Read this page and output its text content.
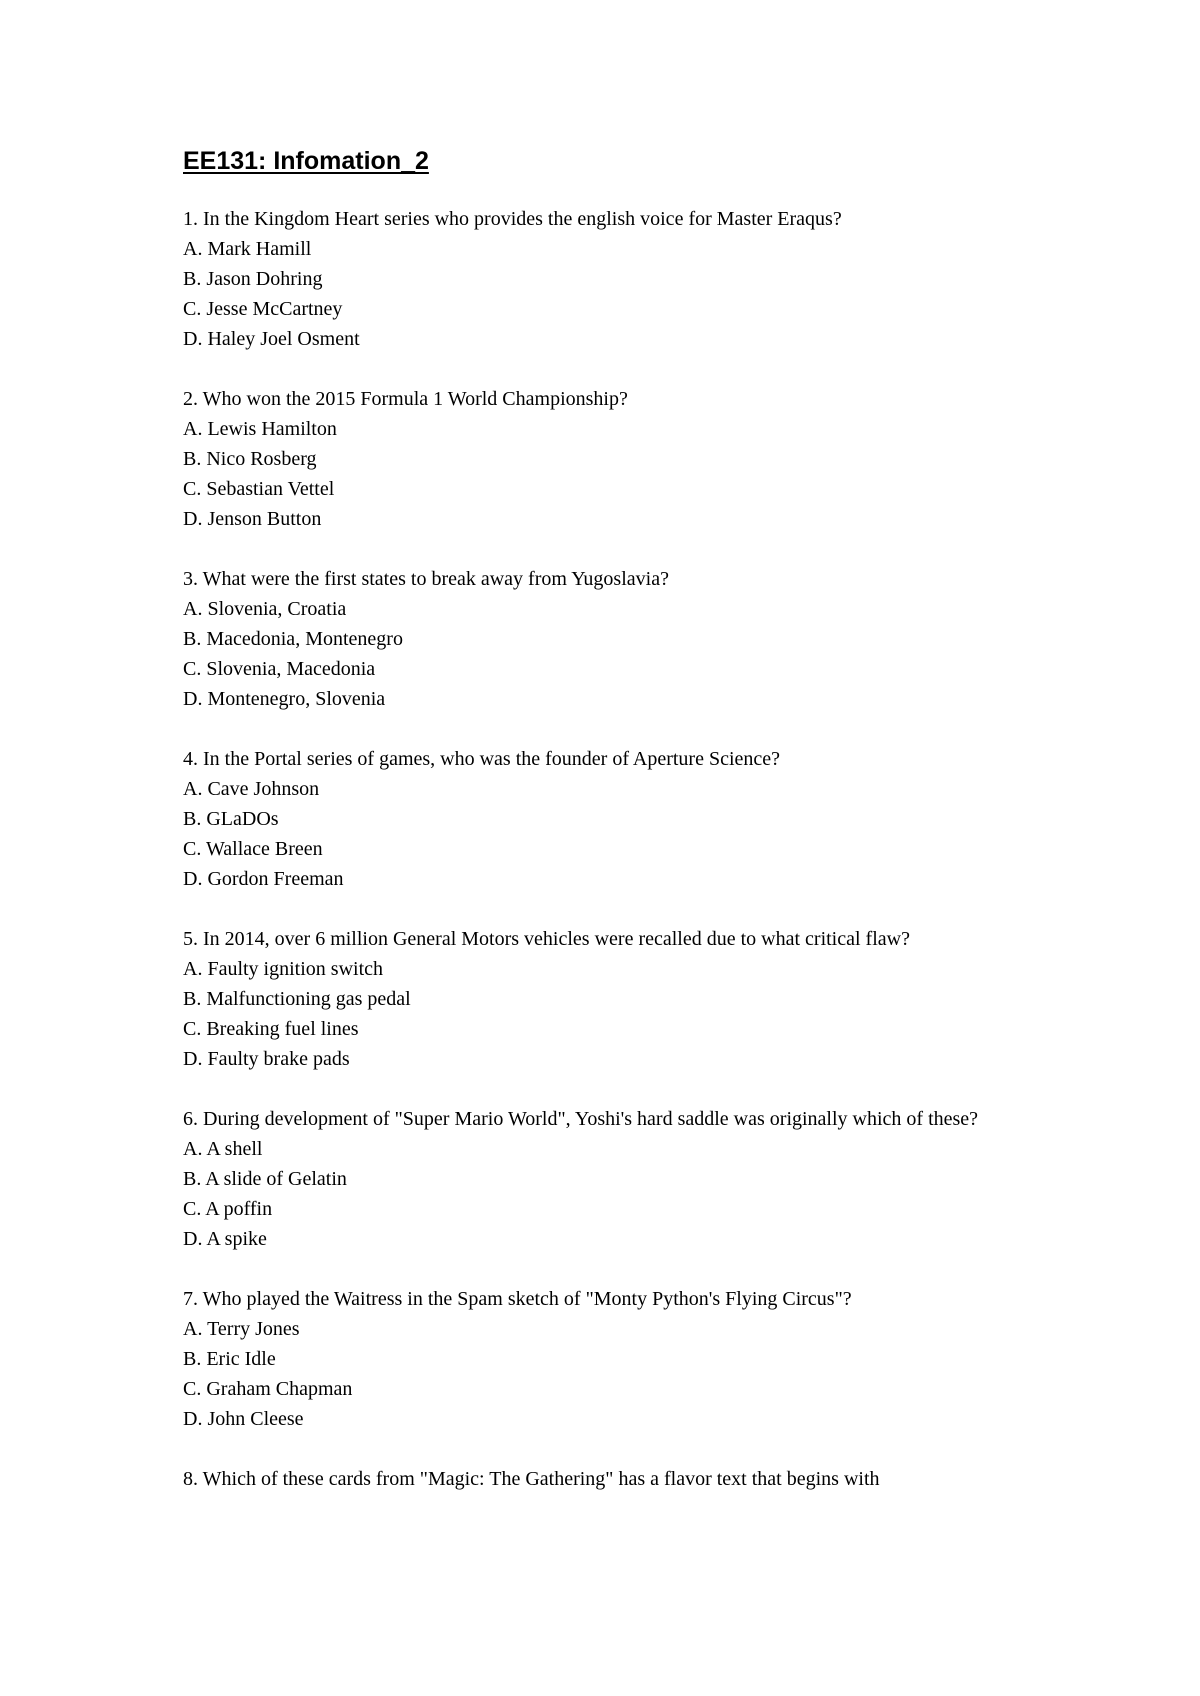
EE131: Infomation_2
1. In the Kingdom Heart series who provides the english voice for Master Eraqus?
A. Mark Hamill
B. Jason Dohring
C. Jesse McCartney
D. Haley Joel Osment
2. Who won the 2015 Formula 1 World Championship?
A. Lewis Hamilton
B. Nico Rosberg
C. Sebastian Vettel
D. Jenson Button
3. What were the first states to break away from Yugoslavia?
A. Slovenia, Croatia
B. Macedonia, Montenegro
C. Slovenia, Macedonia
D. Montenegro, Slovenia
4. In the Portal series of games, who was the founder of Aperture Science?
A. Cave Johnson
B. GLaDOs
C. Wallace Breen
D. Gordon Freeman
5. In 2014, over 6 million General Motors vehicles were recalled due to what critical flaw?
A. Faulty ignition switch
B. Malfunctioning gas pedal
C. Breaking fuel lines
D. Faulty brake pads
6. During development of "Super Mario World", Yoshi's hard saddle was originally which of these?
A. A shell
B. A slide of Gelatin
C. A poffin
D. A spike
7. Who played the Waitress in the Spam sketch of "Monty Python's Flying Circus"?
A. Terry Jones
B. Eric Idle
C. Graham Chapman
D. John Cleese
8. Which of these cards from "Magic: The Gathering" has a flavor text that begins with
